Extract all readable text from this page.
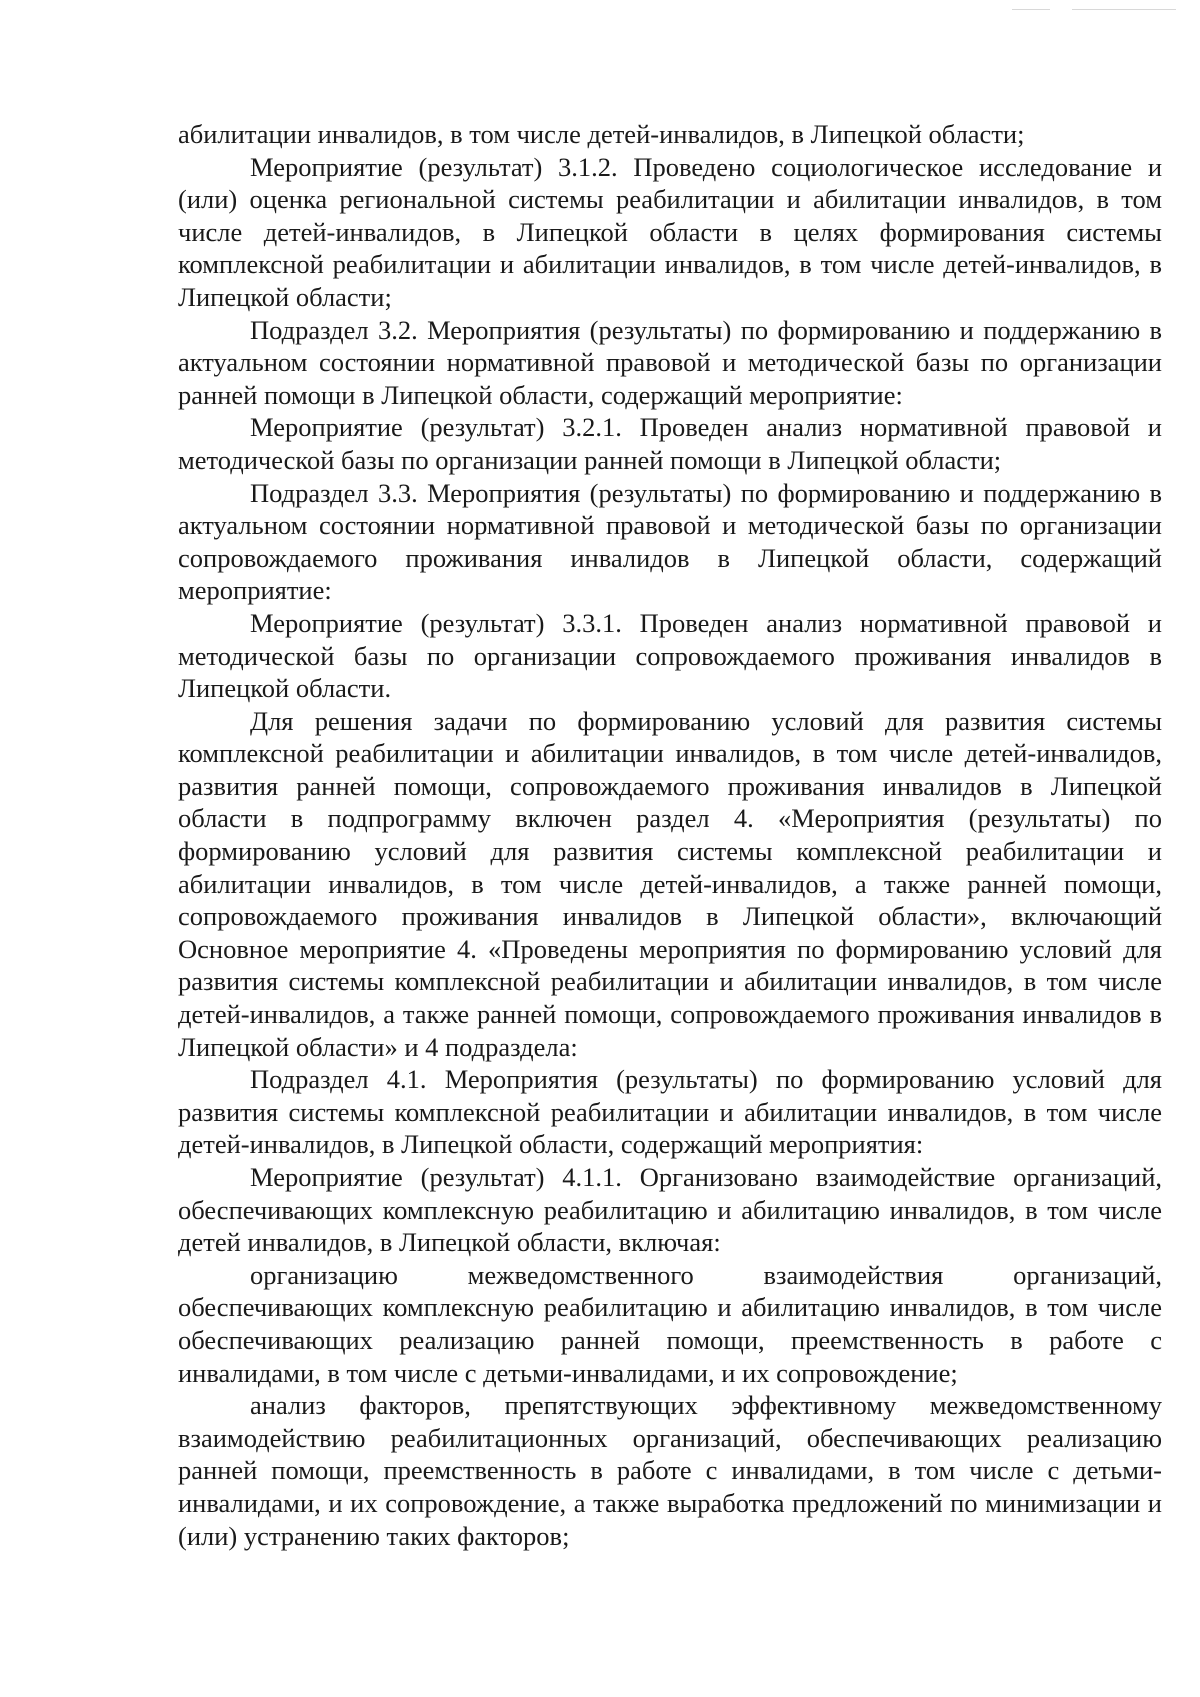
абилитации инвалидов, в том числе детей-инвалидов, в Липецкой области;

Мероприятие (результат) 3.1.2. Проведено социологическое исследование и (или) оценка региональной системы реабилитации и абилитации инвалидов, в том числе детей-инвалидов, в Липецкой области в целях формирования системы комплексной реабилитации и абилитации инвалидов, в том числе детей-инвалидов, в Липецкой области;

Подраздел 3.2. Мероприятия (результаты) по формированию и поддержанию в актуальном состоянии нормативной правовой и методической базы по организации ранней помощи в Липецкой области, содержащий мероприятие:

Мероприятие (результат) 3.2.1. Проведен анализ нормативной правовой и методической базы по организации ранней помощи в Липецкой области;

Подраздел 3.3. Мероприятия (результаты) по формированию и поддержанию в актуальном состоянии нормативной правовой и методической базы по организации сопровождаемого проживания инвалидов в Липецкой области, содержащий мероприятие:

Мероприятие (результат) 3.3.1. Проведен анализ нормативной правовой и методической базы по организации сопровождаемого проживания инвалидов в Липецкой области.

Для решения задачи по формированию условий для развития системы комплексной реабилитации и абилитации инвалидов, в том числе детей-инвалидов, развития ранней помощи, сопровождаемого проживания инвалидов в Липецкой области в подпрограмму включен раздел 4. «Мероприятия (результаты) по формированию условий для развития системы комплексной реабилитации и абилитации инвалидов, в том числе детей-инвалидов, а также ранней помощи, сопровождаемого проживания инвалидов в Липецкой области», включающий Основное мероприятие 4. «Проведены мероприятия по формированию условий для развития системы комплексной реабилитации и абилитации инвалидов, в том числе детей-инвалидов, а также ранней помощи, сопровождаемого проживания инвалидов в Липецкой области» и 4 подраздела:

Подраздел 4.1. Мероприятия (результаты) по формированию условий для развития системы комплексной реабилитации и абилитации инвалидов, в том числе детей-инвалидов, в Липецкой области, содержащий мероприятия:

Мероприятие (результат) 4.1.1. Организовано взаимодействие организаций, обеспечивающих комплексную реабилитацию и абилитацию инвалидов, в том числе детей инвалидов, в Липецкой области, включая:

организацию межведомственного взаимодействия организаций, обеспечивающих комплексную реабилитацию и абилитацию инвалидов, в том числе обеспечивающих реализацию ранней помощи, преемственность в работе с инвалидами, в том числе с детьми-инвалидами, и их сопровождение;

анализ факторов, препятствующих эффективному межведомственному взаимодействию реабилитационных организаций, обеспечивающих реализацию ранней помощи, преемственность в работе с инвалидами, в том числе с детьми-инвалидами, и их сопровождение, а также выработка предложений по минимизации и (или) устранению таких факторов;
